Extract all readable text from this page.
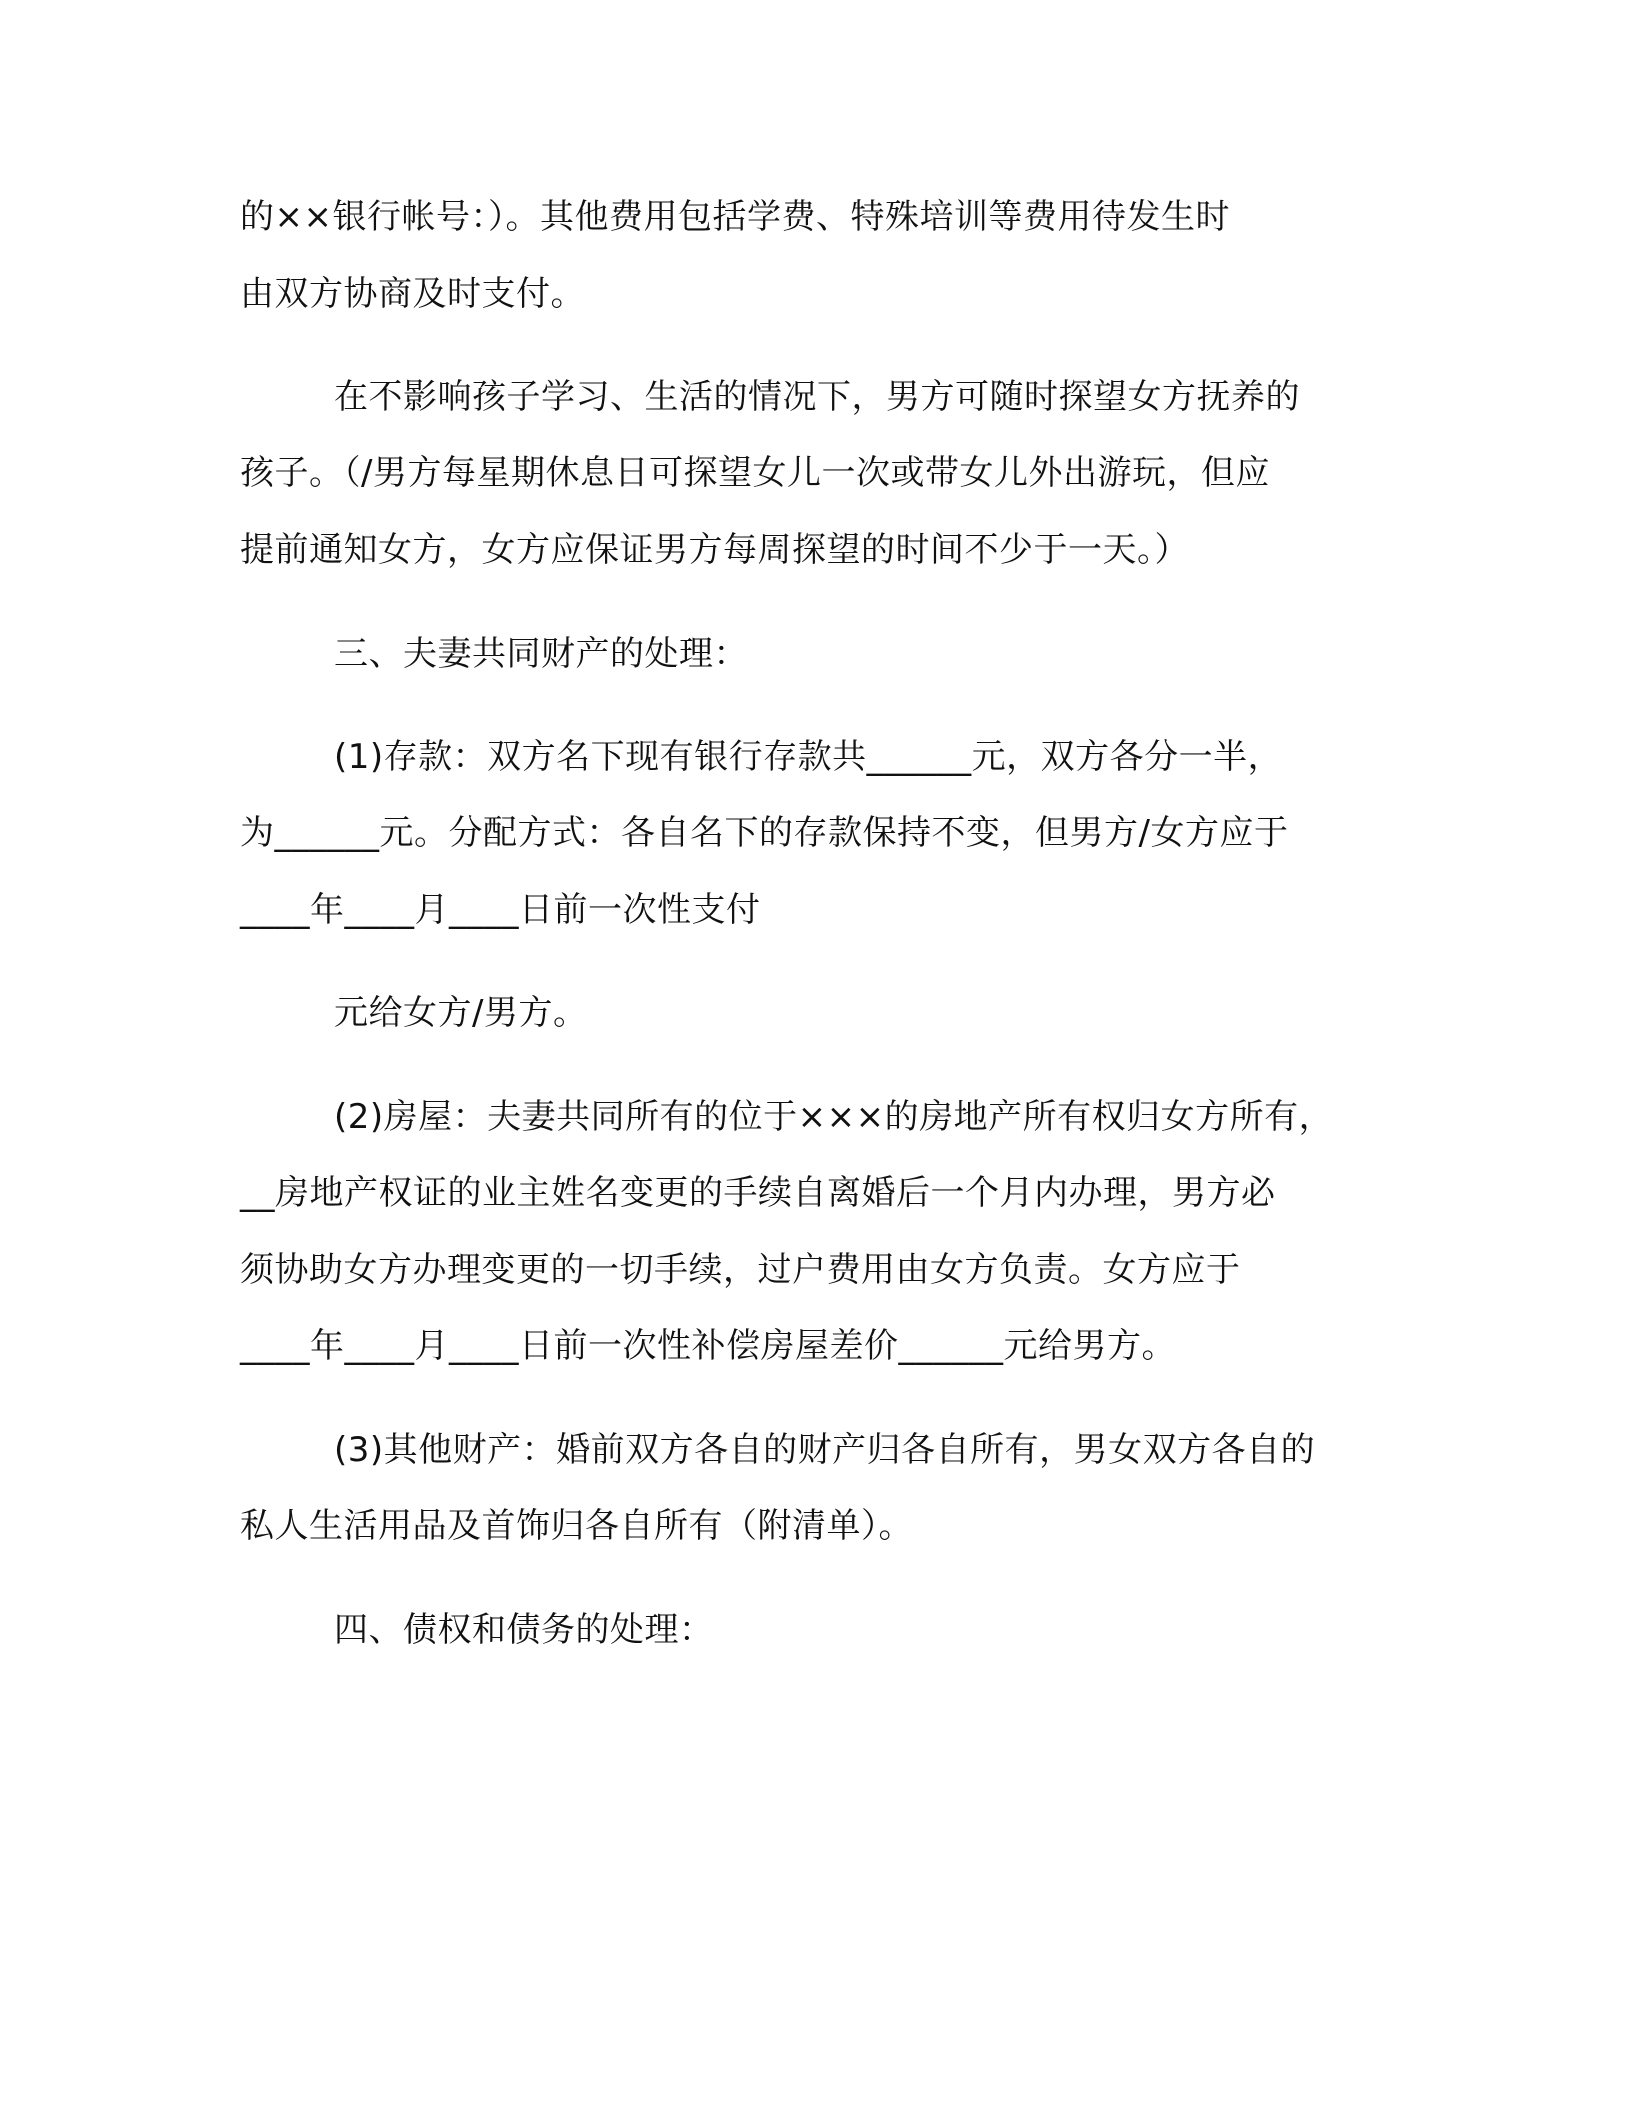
的××银行帐号：）。其他费用包括学费、特殊培训等费用待发生时
由双方协商及时支付。
在不影响孩子学习、生活的情况下，男方可随时探望女方抚养的
孩子。（/男方每星期休息日可探望女儿一次或带女儿外出游玩，但应
提前通知女方，女方应保证男方每周探望的时间不少于一天。）
三、夫妻共同财产的处理：
(1)存款：双方名下现有银行存款共______元，双方各分一半，
为______元。分配方式：各自名下的存款保持不变，但男方/女方应于
____年____月____日前一次性支付
元给女方/男方。
(2)房屋：夫妻共同所有的位于×××的房地产所有权归女方所有，
__房地产权证的业主姓名变更的手续自离婚后一个月内办理，男方必
须协助女方办理变更的一切手续，过户费用由女方负责。女方应于
____年____月____日前一次性补偿房屋差价______元给男方。
(3)其他财产：婚前双方各自的财产归各自所有，男女双方各自的
私人生活用品及首饰归各自所有（附清单）。
四、债权和债务的处理：
